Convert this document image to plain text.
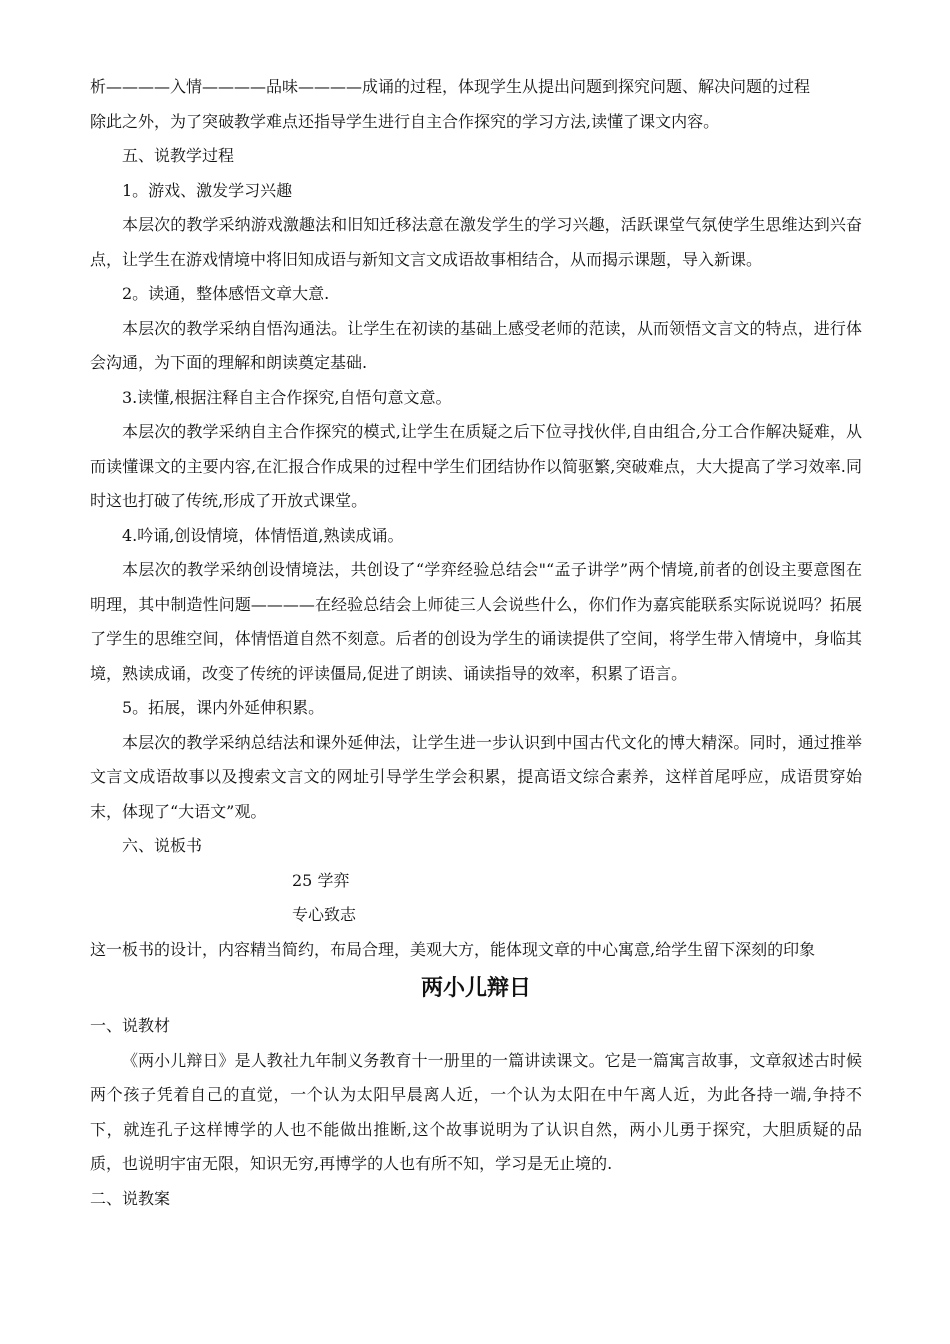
析————入情————品味————成诵的过程，体现学生从提出问题到探究问题、解决问题的过程

除此之外，为了突破教学难点还指导学生进行自主合作探究的学习方法,读懂了课文内容。

五、说教学过程

1。游戏、激发学习兴趣

本层次的教学采纳游戏激趣法和旧知迁移法意在激发学生的学习兴趣，活跃课堂气氛使学生思维达到兴奋点，让学生在游戏情境中将旧知成语与新知文言文成语故事相结合，从而揭示课题，导入新课。

2。读通，整体感悟文章大意.

本层次的教学采纳自悟沟通法。让学生在初读的基础上感受老师的范读，从而领悟文言文的特点，进行体会沟通，为下面的理解和朗读奠定基础.

3.读懂,根据注释自主合作探究,自悟句意文意。

本层次的教学采纳自主合作探究的模式,让学生在质疑之后下位寻找伙伴,自由组合,分工合作解决疑难，从而读懂课文的主要内容,在汇报合作成果的过程中学生们团结协作以简驱繁,突破难点，大大提高了学习效率.同时这也打破了传统,形成了开放式课堂。

4.吟诵,创设情境，体情悟道,熟读成诵。

本层次的教学采纳创设情境法，共创设了“学弈经验总结会"“孟子讲学”两个情境,前者的创设主要意图在明理，其中制造性问题————在经验总结会上师徒三人会说些什么，你们作为嘉宾能联系实际说说吗？拓展了学生的思维空间，体情悟道自然不刻意。后者的创设为学生的诵读提供了空间，将学生带入情境中，身临其境，熟读成诵，改变了传统的评读僵局,促进了朗读、诵读指导的效率，积累了语言。

5。拓展，课内外延伸积累。

本层次的教学采纳总结法和课外延伸法，让学生进一步认识到中国古代文化的博大精深。同时，通过推举文言文成语故事以及搜索文言文的网址引导学生学会积累，提高语文综合素养，这样首尾呼应，成语贯穿始末，体现了“大语文”观。

六、说板书

25 学弈

专心致志

这一板书的设计，内容精当简约，布局合理，美观大方，能体现文章的中心寓意,给学生留下深刻的印象

两小儿辩日

一、说教材

《两小儿辩日》是人教社九年制义务教育十一册里的一篇讲读课文。它是一篇寓言故事，文章叙述古时候两个孩子凭着自己的直觉，一个认为太阳早晨离人近，一个认为太阳在中午离人近，为此各持一端,争持不下，就连孔子这样博学的人也不能做出推断,这个故事说明为了认识自然，两小儿勇于探究，大胆质疑的品质，也说明宇宙无限，知识无穷,再博学的人也有所不知，学习是无止境的.

二、说教案
